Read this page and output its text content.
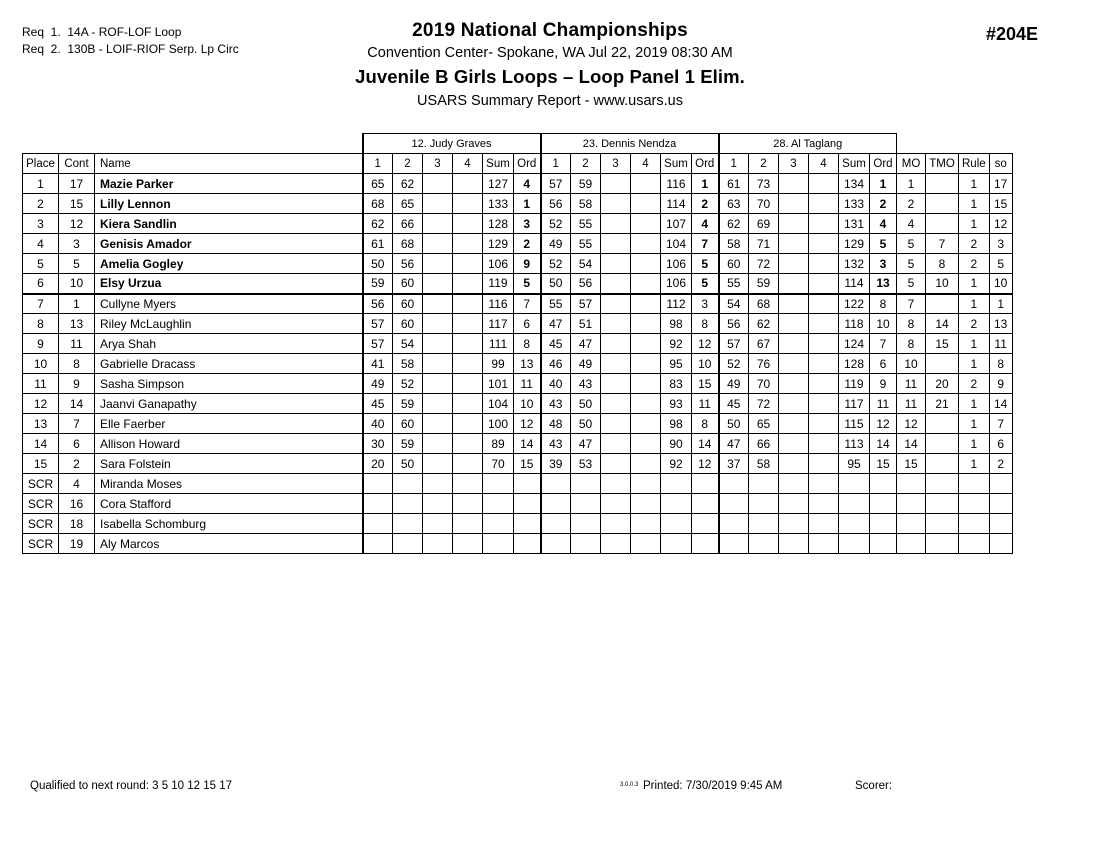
Req  1.  14A - ROF-LOF Loop
Req  2.  130B - LOIF-RIOF Serp. Lp Circ
2019 National Championships
Convention Center- Spokane, WA Jul 22, 2019 08:30 AM
Juvenile B Girls Loops – Loop Panel 1 Elim.
USARS Summary Report - www.usars.us
#204E
			12. Judy Graves						23. Dennis Nendza						28. Al Taglang									
Place	Cont	Name	1	2	3	4	Sum	Ord	1	2	3	4	Sum	Ord	1	2	3	4	Sum	Ord	MO	TMO	Rule	so
1	17	Mazie Parker	65	62			127	4	57	59			116	1	61	73			134	1	1		1	17
2	15	Lilly Lennon	68	65			133	1	56	58			114	2	63	70			133	2	2		1	15
3	12	Kiera Sandlin	62	66			128	3	52	55			107	4	62	69			131	4	4		1	12
4	3	Genisis Amador	61	68			129	2	49	55			104	7	58	71			129	5	5	7	2	3
5	5	Amelia Gogley	50	56			106	9	52	54			106	5	60	72			132	3	5	8	2	5
6	10	Elsy Urzua	59	60			119	5	50	56			106	5	55	59			114	13	5	10	1	10
7	1	Cullyne Myers	56	60			116	7	55	57			112	3	54	68			122	8	7		1	1
8	13	Riley McLaughlin	57	60			117	6	47	51			98	8	56	62			118	10	8	14	2	13
9	11	Arya Shah	57	54			111	8	45	47			92	12	57	67			124	7	8	15	1	11
10	8	Gabrielle Dracass	41	58			99	13	46	49			95	10	52	76			128	6	10		1	8
11	9	Sasha Simpson	49	52			101	11	40	43			83	15	49	70			119	9	11	20	2	9
12	14	Jaanvi Ganapathy	45	59			104	10	43	50			93	11	45	72			117	11	11	21	1	14
13	7	Elle Faerber	40	60			100	12	48	50			98	8	50	65			115	12	12		1	7
14	6	Allison Howard	30	59			89	14	43	47			90	14	47	66			113	14	14		1	6
15	2	Sara Folstein	20	50			70	15	39	53			92	12	37	58			95	15	15		1	2
SCR	4	Miranda Moses																						
SCR	16	Cora Stafford																						
SCR	18	Isabella Schomburg																						
SCR	19	Aly Marcos																						
Qualified to next round: 3 5 10 12 15 17	3.0.0.3 Printed: 7/30/2019 9:45 AM	Scorer:
